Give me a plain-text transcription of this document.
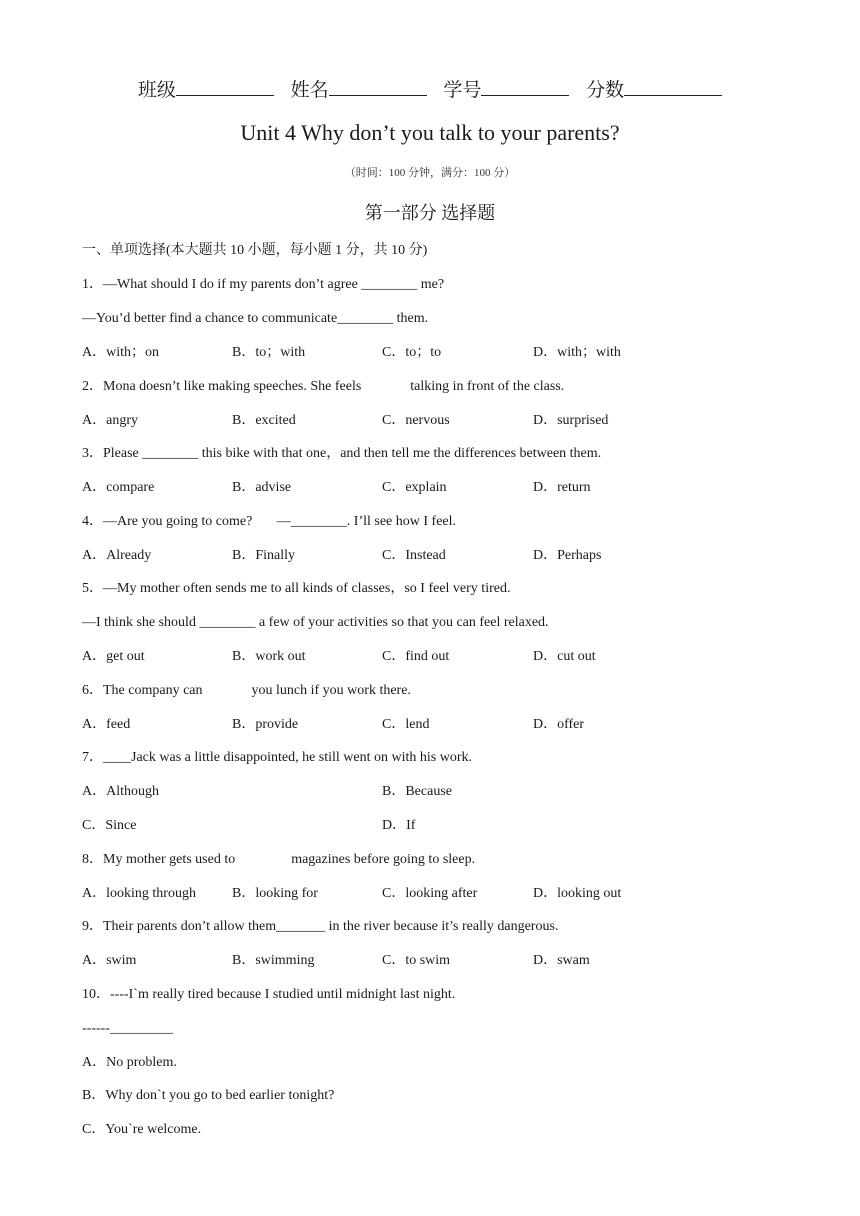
班级	姓名	学号	分数
Unit 4 Why don’t you talk to your parents?
（时间：100 分钟，满分：100 分）
第一部分 选择题
一、单项选择(本大题共 10 小题，每小题 1 分，共 10 分)
1．—What should I do if my parents don’t agree ________ me?
—You’d better find a chance to communicate________ them.
A．with；on	B．to；with	C．to；to	D．with；with
2．Mona doesn’t like making speeches. She feels              talking in front of the class.
A．angry	B．excited	C．nervous	D．surprised
3．Please ________ this bike with that one，and then tell me the differences between them.
A．compare	B．advise	C．explain	D．return
4．—Are you going to come?       —________. I’ll see how I feel.
A．Already	B．Finally	C．Instead	D．Perhaps
5．—My mother often sends me to all kinds of classes，so I feel very tired.
—I think she should ________ a few of your activities so that you can feel relaxed.
A．get out	B．work out	C．find out	D．cut out
6．The company can              you lunch if you work there.
A．feed	B．provide	C．lend	D．offer
7．____Jack was a little disappointed, he still went on with his work.
A．Although	B．Because
C．Since	D．If
8．My mother gets used to                magazines before going to sleep.
A．looking through	B．looking for	C．looking after	D．looking out
9．Their parents don’t allow them_______ in the river because it’s really dangerous.
A．swim	B．swimming	C．to swim	D．swam
10．----I`m really tired because I studied until midnight last night.
------_________
A．No problem.
B．Why don`t you go to bed earlier tonight?
C．You`re welcome.
